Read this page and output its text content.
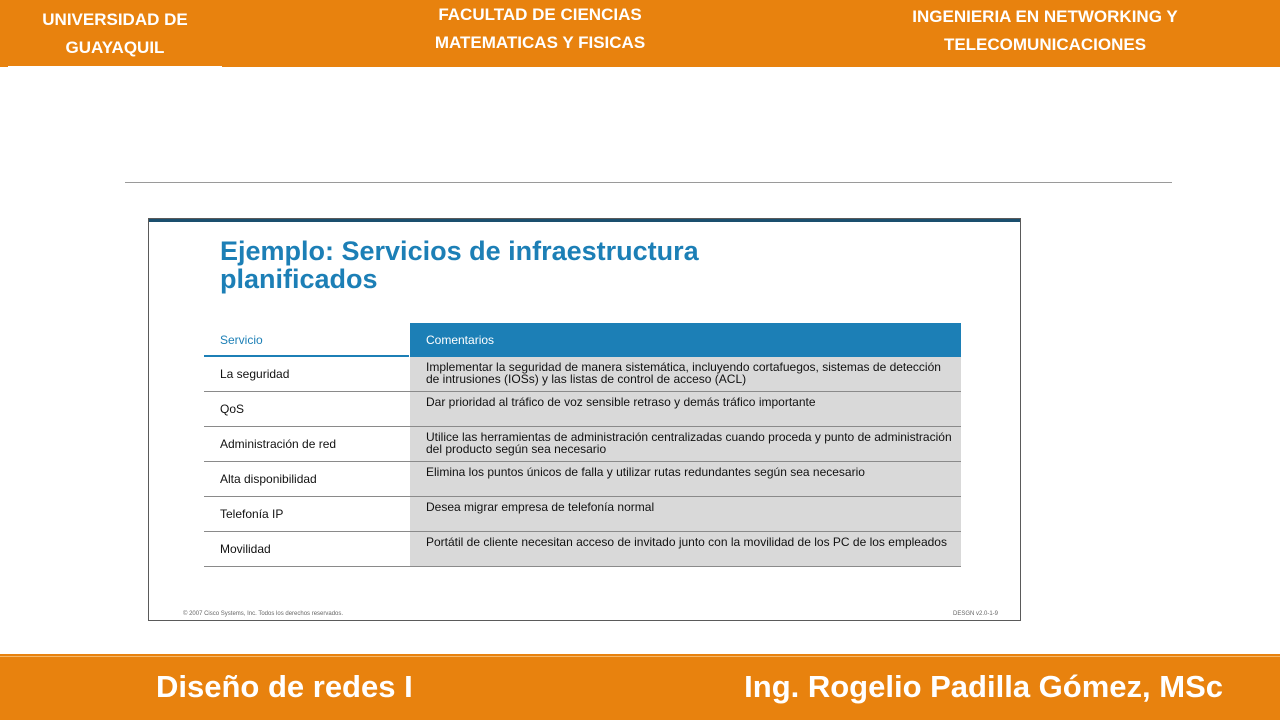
UNIVERSIDAD DE
GUAYAQUIL
FACULTAD DE CIENCIAS
MATEMATICAS Y FISICAS
INGENIERIA EN NETWORKING Y
TELECOMUNICACIONES
Ejemplo: Servicios de infraestructura
planificados
Servicio	Comentarios
La seguridad	Implementar la seguridad de manera sistemática, incluyendo cortafuegos, sistemas de detección de intrusiones (IOSs) y las listas de control de acceso (ACL)
QoS	Dar prioridad al tráfico de voz sensible retraso y demás tráfico importante
Administración de red	Utilice las herramientas de administración centralizadas cuando proceda y punto de administración del producto según sea necesario
Alta disponibilidad	Elimina los puntos únicos de falla y utilizar rutas redundantes según sea necesario
Telefonía IP	Desea migrar empresa de telefonía normal
Movilidad	Portátil de cliente necesitan acceso de invitado junto con la movilidad de los PC de los empleados
© 2007 Cisco Systems, Inc. Todos los derechos reservados.	DESGN v2.0-1-9
Diseño de redes I	Ing. Rogelio Padilla Gómez, MSc
